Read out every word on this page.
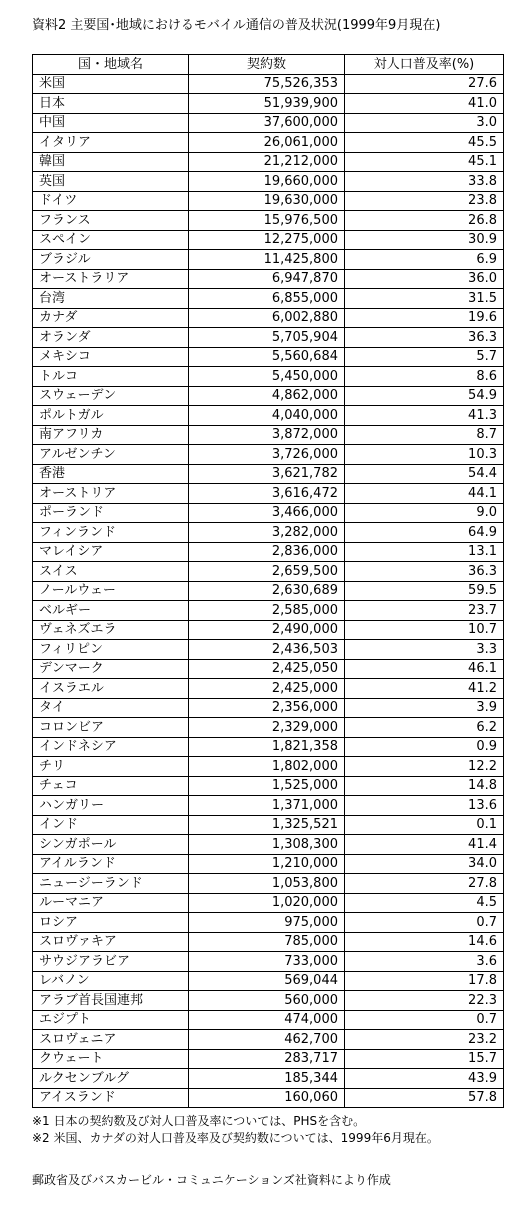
資料2 主要国･地域におけるモバイル通信の普及状況(1999年9月現在)
国・地域名	契約数	対人口普及率(%)
米国	75,526,353	27.6
日本	51,939,900	41.0
中国	37,600,000	3.0
イタリア	26,061,000	45.5
韓国	21,212,000	45.1
英国	19,660,000	33.8
ドイツ	19,630,000	23.8
フランス	15,976,500	26.8
スペイン	12,275,000	30.9
ブラジル	11,425,800	6.9
オーストラリア	6,947,870	36.0
台湾	6,855,000	31.5
カナダ	6,002,880	19.6
オランダ	5,705,904	36.3
メキシコ	5,560,684	5.7
トルコ	5,450,000	8.6
スウェーデン	4,862,000	54.9
ポルトガル	4,040,000	41.3
南アフリカ	3,872,000	8.7
アルゼンチン	3,726,000	10.3
香港	3,621,782	54.4
オーストリア	3,616,472	44.1
ポーランド	3,466,000	9.0
フィンランド	3,282,000	64.9
マレイシア	2,836,000	13.1
スイス	2,659,500	36.3
ノールウェー	2,630,689	59.5
ベルギー	2,585,000	23.7
ヴェネズエラ	2,490,000	10.7
フィリピン	2,436,503	3.3
デンマーク	2,425,050	46.1
イスラエル	2,425,000	41.2
タイ	2,356,000	3.9
コロンビア	2,329,000	6.2
インドネシア	1,821,358	0.9
チリ	1,802,000	12.2
チェコ	1,525,000	14.8
ハンガリー	1,371,000	13.6
インド	1,325,521	0.1
シンガポール	1,308,300	41.4
アイルランド	1,210,000	34.0
ニュージーランド	1,053,800	27.8
ルーマニア	1,020,000	4.5
ロシア	975,000	0.7
スロヴァキア	785,000	14.6
サウジアラビア	733,000	3.6
レバノン	569,044	17.8
アラブ首長国連邦	560,000	22.3
エジプト	474,000	0.7
スロヴェニア	462,700	23.2
クウェート	283,717	15.7
ルクセンブルグ	185,344	43.9
アイスランド	160,060	57.8
※1 日本の契約数及び対人口普及率については、PHSを含む。
※2 米国、カナダの対人口普及率及び契約数については、1999年6月現在。
郵政省及びバスカービル・コミュニケーションズ社資料により作成
